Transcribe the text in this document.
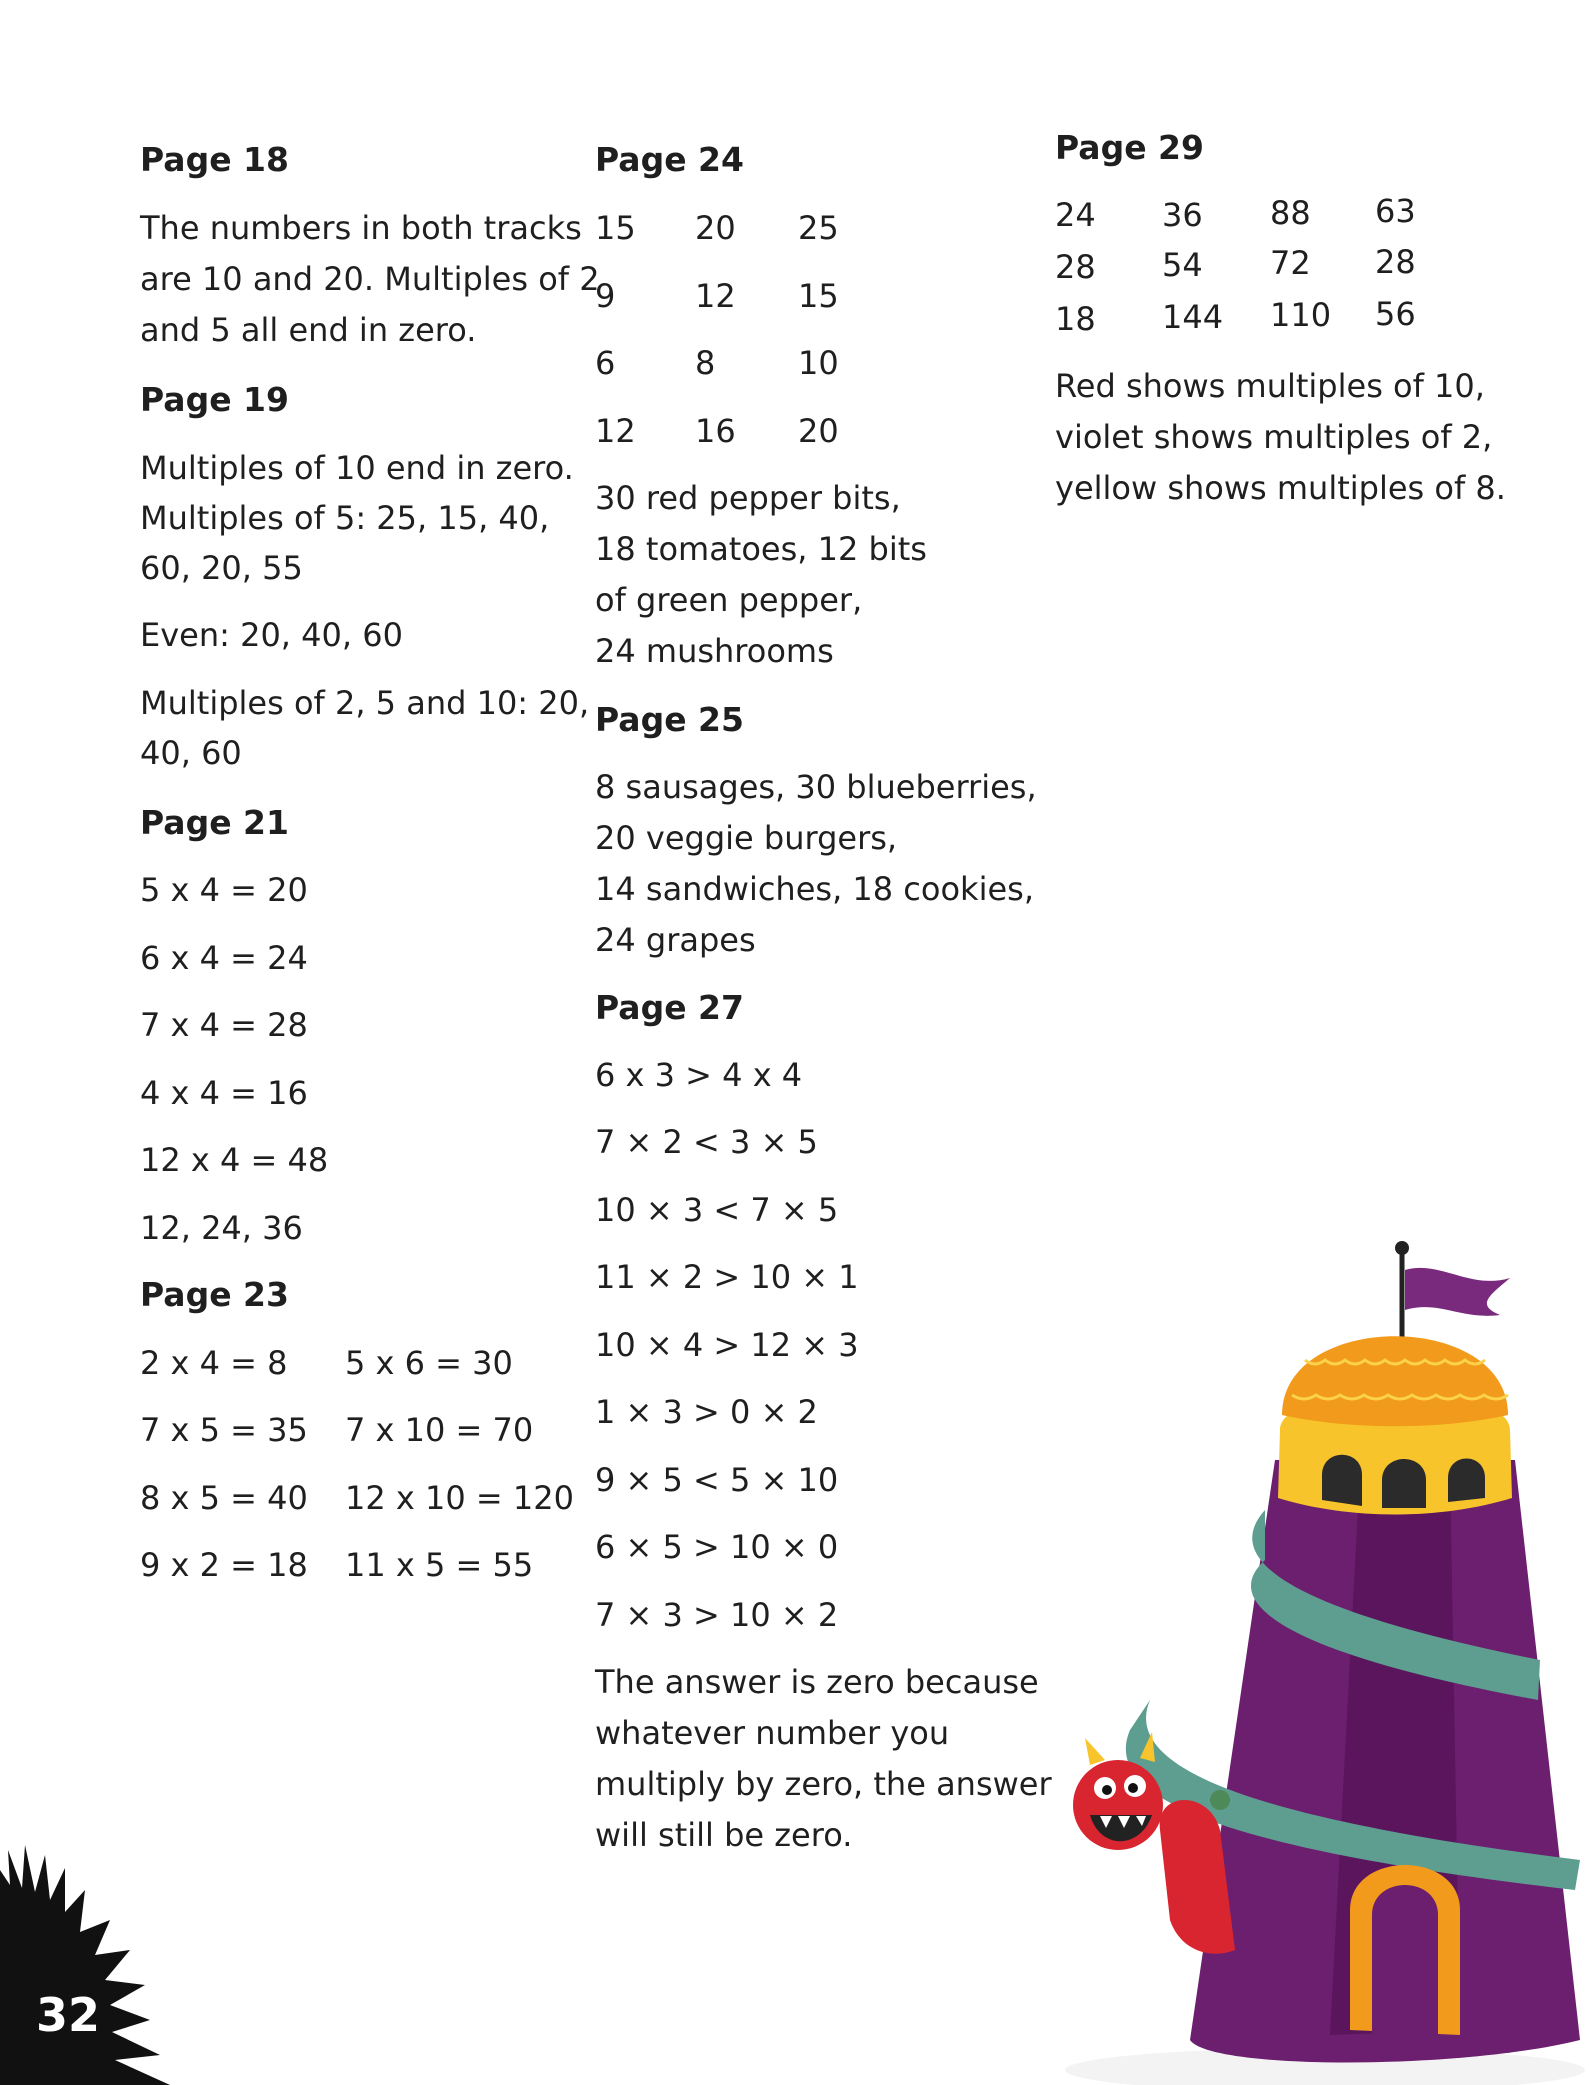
Page 18
The numbers in both tracks
are 10 and 20. Multiples of 2
and 5 all end in zero.
Page 19
Multiples of 10 end in zero.
Multiples of 5: 25, 15, 40,
60, 20, 55
Even: 20, 40, 60
Multiples of 2, 5 and 10: 20,
40, 60
Page 21
5 x 4 = 20
6 x 4 = 24
7 x 4 = 28
4 x 4 = 16
12 x 4 = 48
12, 24, 36
Page 23
2 x 4 = 8 5 x 6 = 30
7 x 5 = 35 7 x 10 = 70
8 x 5 = 40 12 x 10 = 120
9 x 2 = 18 11 x 5 = 55
Page 24
15 20 25
9 12 15
6 8	10
12 16 20
30 red pepper bits,
18 tomatoes, 12 bits
of green pepper,
24 mushrooms
Page 25
8 sausages, 30 blueberries,
20 veggie burgers,
14 sandwiches, 18 cookies,
24 grapes
Page 27
6 x 3 > 4 x 4
7 × 2 < 3 × 5
10 × 3 < 7 × 5
11 × 2 > 10 × 1
10 × 4 > 12 × 3
1 × 3 > 0 × 2
9 × 5 < 5 × 10
6 × 5 > 10 × 0
7 × 3 > 10 × 2
The answer is zero because
whatever number you
multiply by zero, the answer
will still be zero.
Page 29
24 36 88 63
28 54 72 28
18 144 110 56
Red shows multiples of 10,
violet shows multiples of 2,
yellow shows multiples of 8.
32
